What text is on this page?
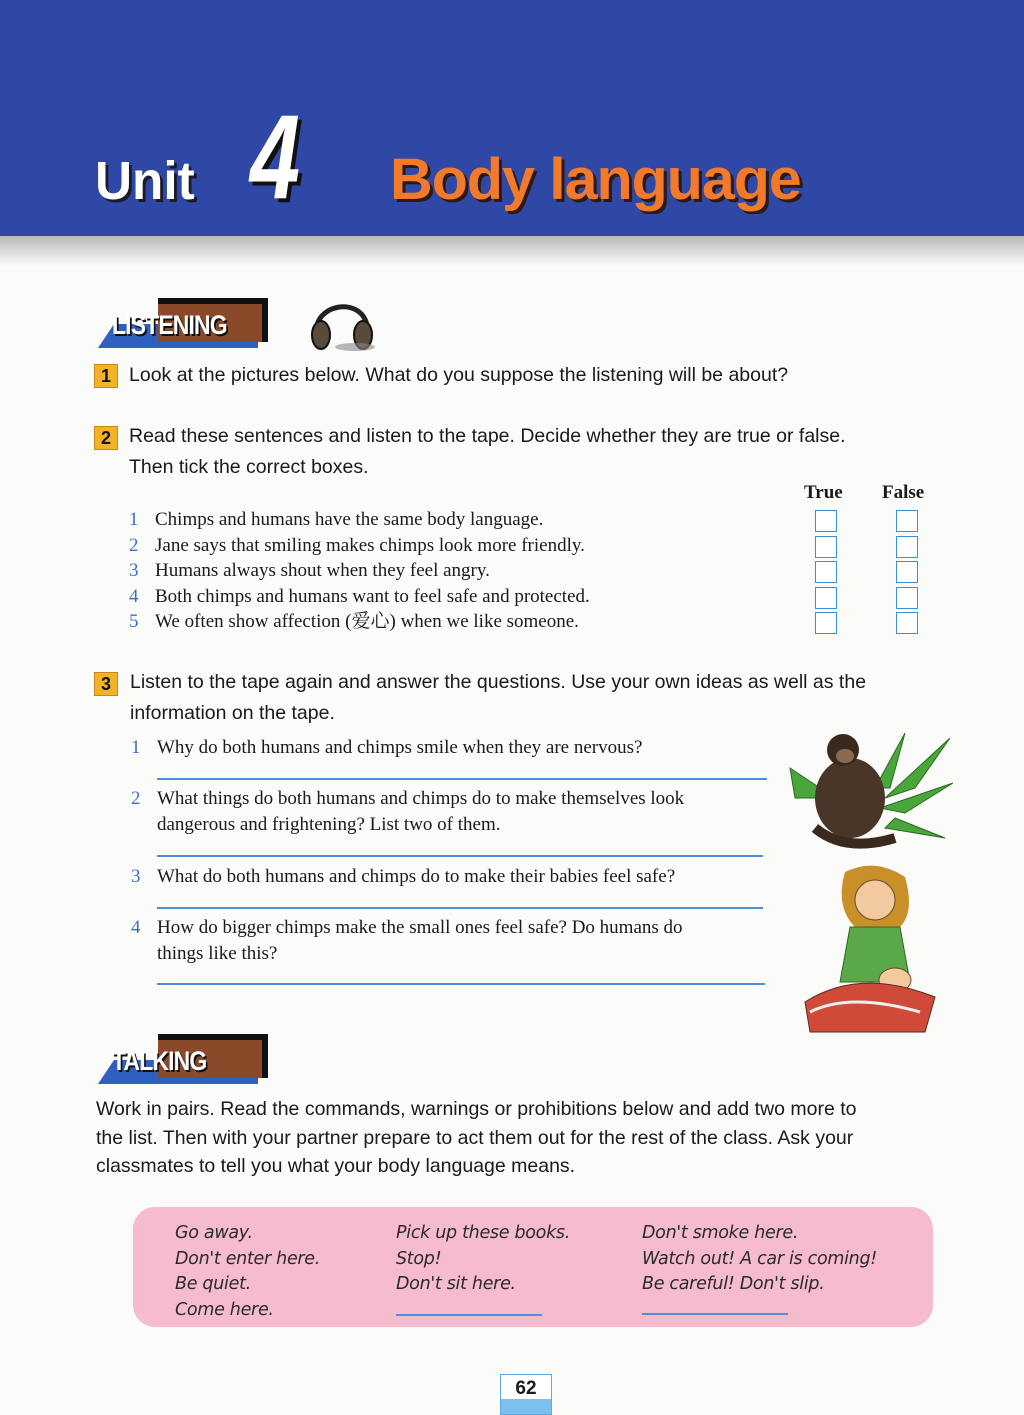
Unit 4 Body language
LISTENING
1 Look at the pictures below. What do you suppose the listening will be about?
2 Read these sentences and listen to the tape. Decide whether they are true or false.
Then tick the correct boxes.
True False
3 Listen to the tape again and answer the questions. Use your own ideas as well as the
information on the tape.
TALKING
Work in pairs. Read the commands, warnings or prohibitions below and add two more to
the list. Then with your partner prepare to act them out for the rest of the class. Ask your
classmates to tell you what your body language means.
62
1 Chimps and humans have the same body language.
2 Jane says that smiling makes chimps look more friendly.
3 Humans always shout when they feel angry.
4 Both chimps and humans want to feel safe and protected.
5 We often show affection (爱心) when we like someone.
1 Why do both humans and chimps smile when they are nervous?
2 What things do both humans and chimps do to make themselves look
dangerous and frightening? List two of them.
3 What do both humans and chimps do to make their babies feel safe?
4 How do bigger chimps make the small ones feel safe? Do humans do
things like this?
Go away.
Don't enter here.
Be quiet.
Come here.
Pick up these books.
Stop!
Don't sit here.
Don't smoke here.
Watch out! A car is coming!
Be careful! Don't slip.
